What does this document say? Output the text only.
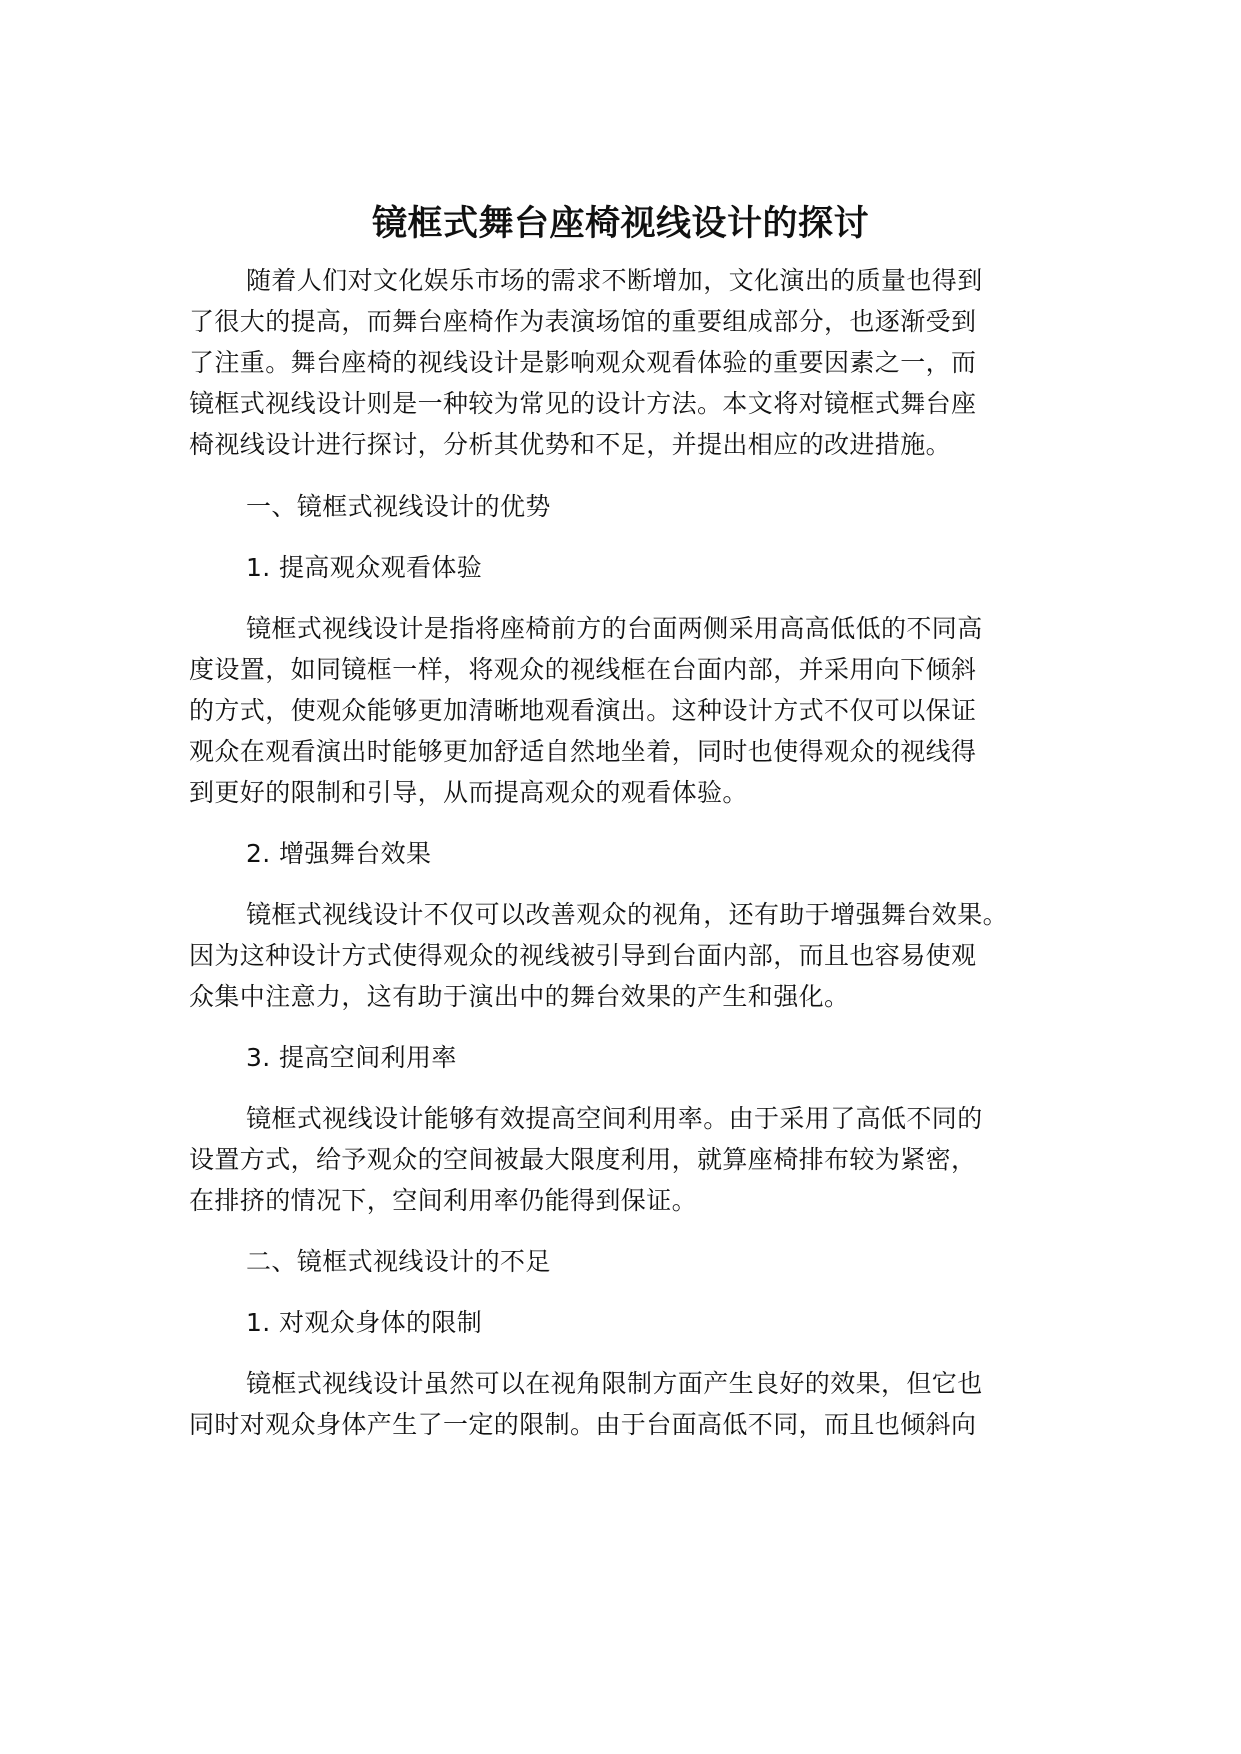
镜框式舞台座椅视线设计的探讨

随着人们对文化娱乐市场的需求不断增加，文化演出的质量也得到

了很大的提高，而舞台座椅作为表演场馆的重要组成部分，也逐渐受到

了注重。舞台座椅的视线设计是影响观众观看体验的重要因素之一，而

镜框式视线设计则是一种较为常见的设计方法。本文将对镜框式舞台座

椅视线设计进行探讨，分析其优势和不足，并提出相应的改进措施。

一、镜框式视线设计的优势

1. 提高观众观看体验

镜框式视线设计是指将座椅前方的台面两侧采用高高低低的不同高

度设置，如同镜框一样，将观众的视线框在台面内部，并采用向下倾斜

的方式，使观众能够更加清晰地观看演出。这种设计方式不仅可以保证

观众在观看演出时能够更加舒适自然地坐着，同时也使得观众的视线得

到更好的限制和引导，从而提高观众的观看体验。

2. 增强舞台效果

镜框式视线设计不仅可以改善观众的视角，还有助于增强舞台效果。

因为这种设计方式使得观众的视线被引导到台面内部，而且也容易使观

众集中注意力，这有助于演出中的舞台效果的产生和强化。

3. 提高空间利用率

镜框式视线设计能够有效提高空间利用率。由于采用了高低不同的

设置方式，给予观众的空间被最大限度利用，就算座椅排布较为紧密，

在排挤的情况下，空间利用率仍能得到保证。

二、镜框式视线设计的不足

1. 对观众身体的限制

镜框式视线设计虽然可以在视角限制方面产生良好的效果，但它也

同时对观众身体产生了一定的限制。由于台面高低不同，而且也倾斜向
